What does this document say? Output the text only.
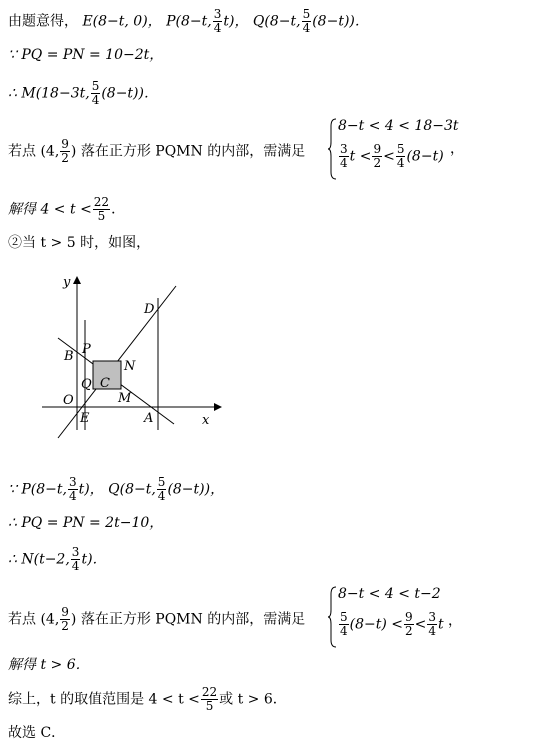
由题意得， E(8−t, 0)， P(8−t, $\frac{3}{4} t$)， Q(8−t, $\frac{5}{4} (8-t)$)．
∵ PQ = PN = 10−2t，
∴ M(18−3t, $\frac{5}{4} (8-t)$)．
若点 (4, $\frac{9}{2}$ ) 落在正方形 PQMN 的内部，需满足
8−t < 4 < 18−3t
$\frac{3}{4}$ $t < \frac{9}{2} < \frac{5}{4} (8-t)$ ，
解得 $4 < t < \frac{22}{5}$ ．
②当 t > 5 时，如图，
y
x
O
E	A
B P
Q C
N
M
D
∵ P(8−t, $\frac{3}{4} t$)， Q(8−t, $\frac{5}{4} (8-t)$)，
∴ PQ = PN = 2t−10，
∴ N(t−2, $\frac{3}{4} t$)．
若点 (4, $\frac{9}{2}$ ) 落在正方形 PQMN 的内部，需满足
8−t < 4 < t−2
$\frac{5}{4} (8-t) < \frac{9}{2} < \frac{3}{4}$ t ，
解得 t > 6．
综上，t 的取值范围是 $4 < t < \frac{22}{5}$ 或 t > 6．
故选 C．
